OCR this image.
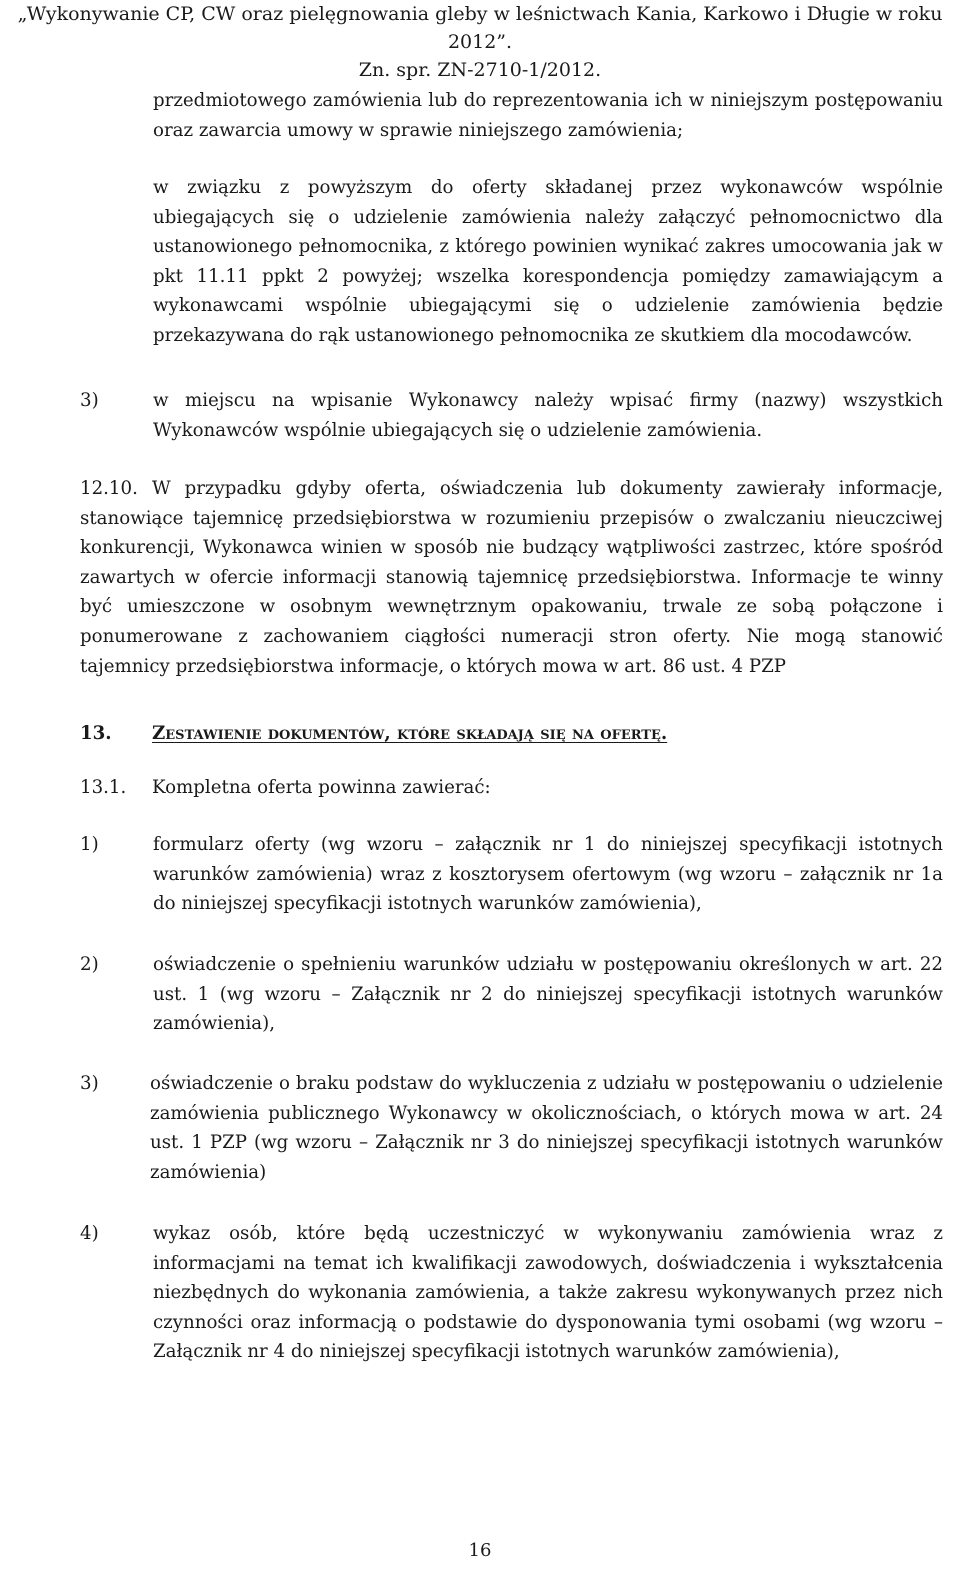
„Wykonywanie CP, CW oraz pielęgnowania gleby w leśnictwach Kania, Karkowo i Długie w roku 2012”.
Zn. spr. ZN-2710-1/2012.
przedmiotowego zamówienia lub do reprezentowania ich w niniejszym postępowaniu oraz zawarcia umowy w sprawie niniejszego zamówienia;
w związku z powyższym do oferty składanej przez wykonawców wspólnie ubiegających się o udzielenie zamówienia należy załączyć pełnomocnictwo dla ustanowionego pełnomocnika, z którego powinien wynikać zakres umocowania jak w pkt 11.11 ppkt 2 powyżej; wszelka korespondencja pomiędzy zamawiającym a wykonawcami wspólnie ubiegającymi się o udzielenie zamówienia będzie przekazywana do rąk ustanowionego pełnomocnika ze skutkiem dla mocodawców.
3)	w miejscu na wpisanie Wykonawcy należy wpisać firmy (nazwy) wszystkich Wykonawców wspólnie ubiegających się o udzielenie zamówienia.
12.10. W przypadku gdyby oferta, oświadczenia lub dokumenty zawierały informacje, stanowiące tajemnicę przedsiębiorstwa w rozumieniu przepisów o zwalczaniu nieuczciwej konkurencji, Wykonawca winien w sposób nie budzący wątpliwości zastrzec, które spośród zawartych w ofercie informacji stanowią tajemnicę przedsiębiorstwa. Informacje te winny być umieszczone w osobnym wewnętrznym opakowaniu, trwale ze sobą połączone i ponumerowane z zachowaniem ciągłości numeracji stron oferty. Nie mogą stanowić tajemnicy przedsiębiorstwa informacje, o których mowa w art. 86 ust. 4 PZP
13. Zestawienie dokumentów, które składają się na ofertę.
13.1.	Kompletna oferta powinna zawierać:
1)	formularz oferty (wg wzoru – załącznik nr 1 do niniejszej specyfikacji istotnych warunków zamówienia) wraz z kosztorysem ofertowym (wg wzoru – załącznik nr 1a do niniejszej specyfikacji istotnych warunków zamówienia),
2)	oświadczenie o spełnieniu warunków udziału w postępowaniu określonych w art. 22 ust. 1 (wg wzoru – Załącznik nr 2 do niniejszej specyfikacji istotnych warunków zamówienia),
3)	oświadczenie o braku podstaw do wykluczenia z udziału w postępowaniu o udzielenie zamówienia publicznego Wykonawcy w okolicznościach, o których mowa w art. 24 ust. 1 PZP (wg wzoru – Załącznik nr 3 do niniejszej specyfikacji istotnych warunków zamówienia)
4)	wykaz osób, które będą uczestniczyć w wykonywaniu zamówienia wraz z informacjami na temat ich kwalifikacji zawodowych, doświadczenia i wykształcenia niezbędnych do wykonania zamówienia, a także zakresu wykonywanych przez nich czynności oraz informacją o podstawie do dysponowania tymi osobami (wg wzoru – Załącznik nr 4 do niniejszej specyfikacji istotnych warunków zamówienia),
16
